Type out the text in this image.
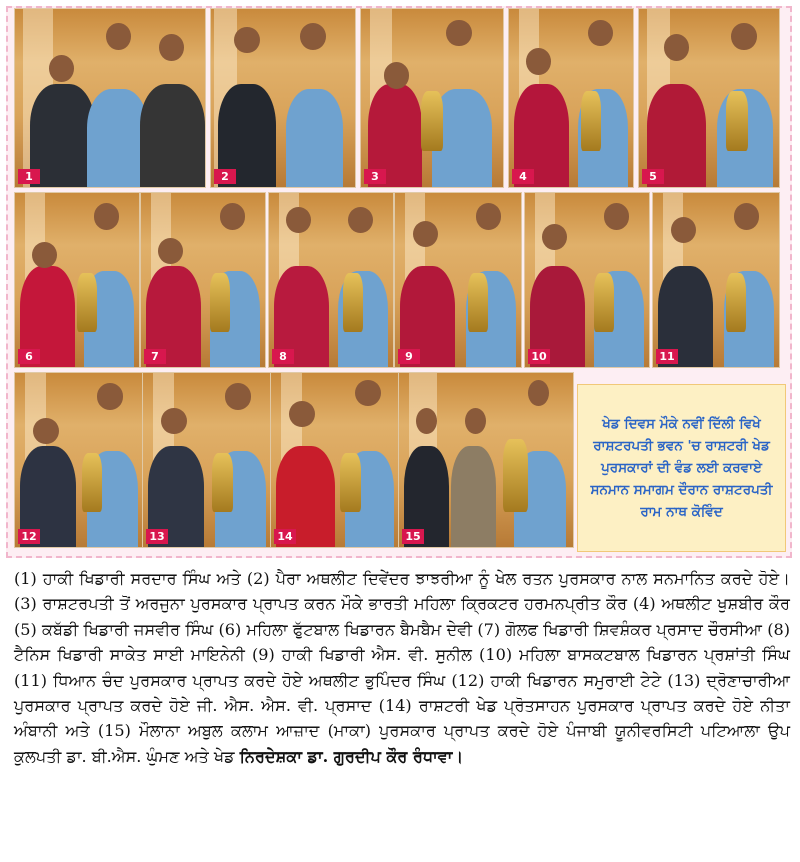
1	2	3	4	5
6	7	8	9	10	11
12	13	14	15

ਖੇਡ ਦਿਵਸ ਮੌਕੇ ਨਵੀਂ ਦਿੱਲੀ ਵਿਖੇ ਰਾਸ਼ਟਰਪਤੀ ਭਵਨ 'ਚ ਰਾਸ਼ਟਰੀ ਖੇਡ ਪੁਰਸਕਾਰਾਂ ਦੀ ਵੰਡ ਲਈ ਕਰਵਾਏ ਸਨਮਾਨ ਸਮਾਗਮ ਦੌਰਾਨ ਰਾਸ਼ਟਰਪਤੀ ਰਾਮ ਨਾਥ ਕੋਵਿੰਦ

(1) ਹਾਕੀ ਖਿਡਾਰੀ ਸਰਦਾਰ ਸਿੰਘ ਅਤੇ (2) ਪੈਰਾ ਅਥਲੀਟ ਦਿਵੇਂਦਰ ਝਾਝਰੀਆ ਨੂੰ ਖੇਲ ਰਤਨ ਪੁਰਸਕਾਰ ਨਾਲ ਸਨਮਾਨਿਤ ਕਰਦੇ ਹੋਏ। (3) ਰਾਸ਼ਟਰਪਤੀ ਤੋਂ ਅਰਜੁਨਾ ਪੁਰਸਕਾਰ ਪ੍ਰਾਪਤ ਕਰਨ ਮੌਕੇ ਭਾਰਤੀ ਮਹਿਲਾ ਕ੍ਰਿਕਟਰ ਹਰਮਨਪ੍ਰੀਤ ਕੌਰ (4) ਅਥਲੀਟ ਖੁਸ਼ਬੀਰ ਕੌਰ (5) ਕਬੱਡੀ ਖਿਡਾਰੀ ਜਸਵੀਰ ਸਿੰਘ (6) ਮਹਿਲਾ ਫੁੱਟਬਾਲ ਖਿਡਾਰਨ ਬੈਮਬੈਮ ਦੇਵੀ (7) ਗੋਲਫ ਖਿਡਾਰੀ ਸ਼ਿਵਸ਼ੰਕਰ ਪ੍ਰਸਾਦ ਚੌਰਸੀਆ (8) ਟੈਨਿਸ ਖਿਡਾਰੀ ਸਾਕੇਤ ਸਾਈ ਮਾਇਨੇਨੀ (9) ਹਾਕੀ ਖਿਡਾਰੀ ਐਸ. ਵੀ. ਸੁਨੀਲ (10) ਮਹਿਲਾ ਬਾਸਕਟਬਾਲ ਖਿਡਾਰਨ ਪ੍ਰਸ਼ਾਂਤੀ ਸਿੰਘ (11) ਧਿਆਨ ਚੰਦ ਪੁਰਸਕਾਰ ਪ੍ਰਾਪਤ ਕਰਦੇ ਹੋਏ ਅਥਲੀਟ ਭੁਪਿੰਦਰ ਸਿੰਘ (12) ਹਾਕੀ ਖਿਡਾਰਨ ਸਮੁਰਾਈ ਟੇਟੇ (13) ਦ੍ਰੋਣਾਚਾਰੀਆ ਪੁਰਸਕਾਰ ਪ੍ਰਾਪਤ ਕਰਦੇ ਹੋਏ ਜੀ. ਐਸ. ਐਸ. ਵੀ. ਪ੍ਰਸਾਦ (14) ਰਾਸ਼ਟਰੀ ਖੇਡ ਪ੍ਰੋਤਸਾਹਨ ਪੁਰਸਕਾਰ ਪ੍ਰਾਪਤ ਕਰਦੇ ਹੋਏ ਨੀਤਾ ਅੰਬਾਨੀ ਅਤੇ (15) ਮੌਲਾਨਾ ਅਬੁਲ ਕਲਾਮ ਆਜ਼ਾਦ (ਮਾਕਾ) ਪੁਰਸਕਾਰ ਪ੍ਰਾਪਤ ਕਰਦੇ ਹੋਏ ਪੰਜਾਬੀ ਯੂਨੀਵਰਸਿਟੀ ਪਟਿਆਲਾ ਉਪ ਕੁਲਪਤੀ ਡਾ. ਬੀ.ਐਸ. ਘੁੰਮਣ ਅਤੇ ਖੇਡ ਨਿਰਦੇਸ਼ਕਾ ਡਾ. ਗੁਰਦੀਪ ਕੌਰ ਰੰਧਾਵਾ।
